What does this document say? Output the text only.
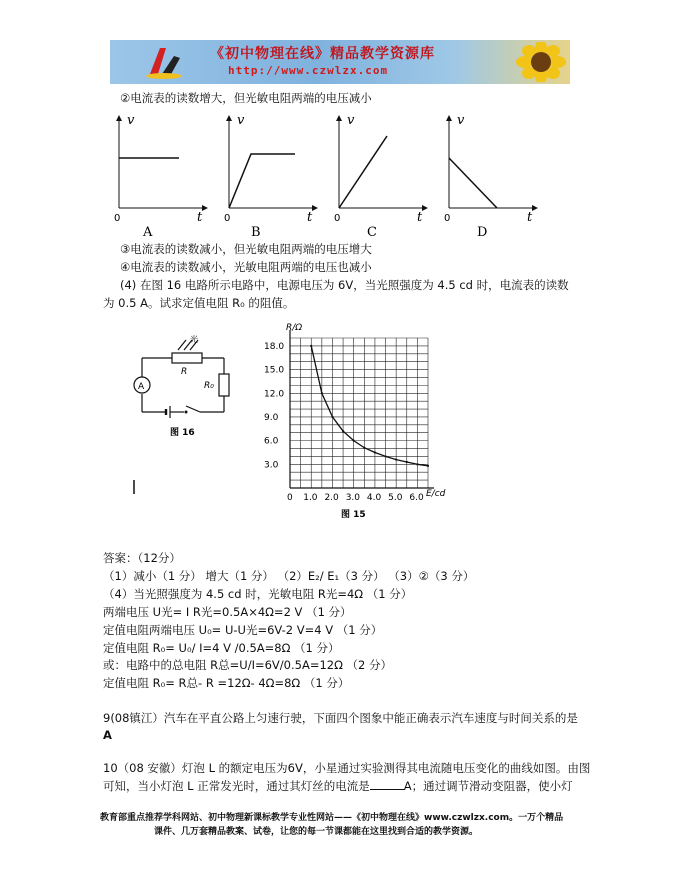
《初中物理在线》精品教学资源库
http://www.czwlzx.com
②电流表的读数增大，但光敏电阻两端的电压减小
v
t
0
A
v
t
0
B
v
t
0
C
v
t
0
D
③电流表的读数减小，但光敏电阻两端的电压增大
④电流表的读数减小，光敏电阻两端的电压也减小
(4) 在图 16 电路所示电路中，电源电压为 6V，当光照强度为 4.5 cd 时，电流表的读数
为 0.5 A。试求定值电阻 R₀ 的阻值。
光
R
R₀
A
图 16
0 1.0 2.0 3.0 4.0 5.0 6.0
3.0
6.0
9.0
12.0
15.0
18.0
R/Ω
E/cd
图 15
答案：（12分）
（1）减小（1 分） 增大（1 分） （2）E₂/ E₁（3 分） （3）②（3 分）
（4）当光照强度为 4.5 cd 时，光敏电阻 R光=4Ω （1 分）
两端电压 U光= I R光=0.5A×4Ω=2 V （1 分）
定值电阻两端电压 U₀= U-U光=6V-2 V=4 V （1 分）
定值电阻 R₀= U₀/ I=4 V /0.5A=8Ω （1 分）
或：电路中的总电阻 R总=U/I=6V/0.5A=12Ω （2 分）
定值电阻 R₀= R总- R =12Ω- 4Ω=8Ω （1 分）
9(08镇江）汽车在平直公路上匀速行驶，下面四个图象中能正确表示汽车速度与时间关系的是
A
10（08 安徽）灯泡 L 的额定电压为6V，小星通过实验测得其电流随电压变化的曲线如图。由图
可知，当小灯泡 L 正常发光时，通过其灯丝的电流是	A；通过调节滑动变阻器，使小灯
教育部重点推荐学科网站、初中物理新课标教学专业性网站——《初中物理在线》www.czwlzx.com。一万个精品
课件、几万套精品教案、试卷，让您的每一节课都能在这里找到合适的教学资源。
